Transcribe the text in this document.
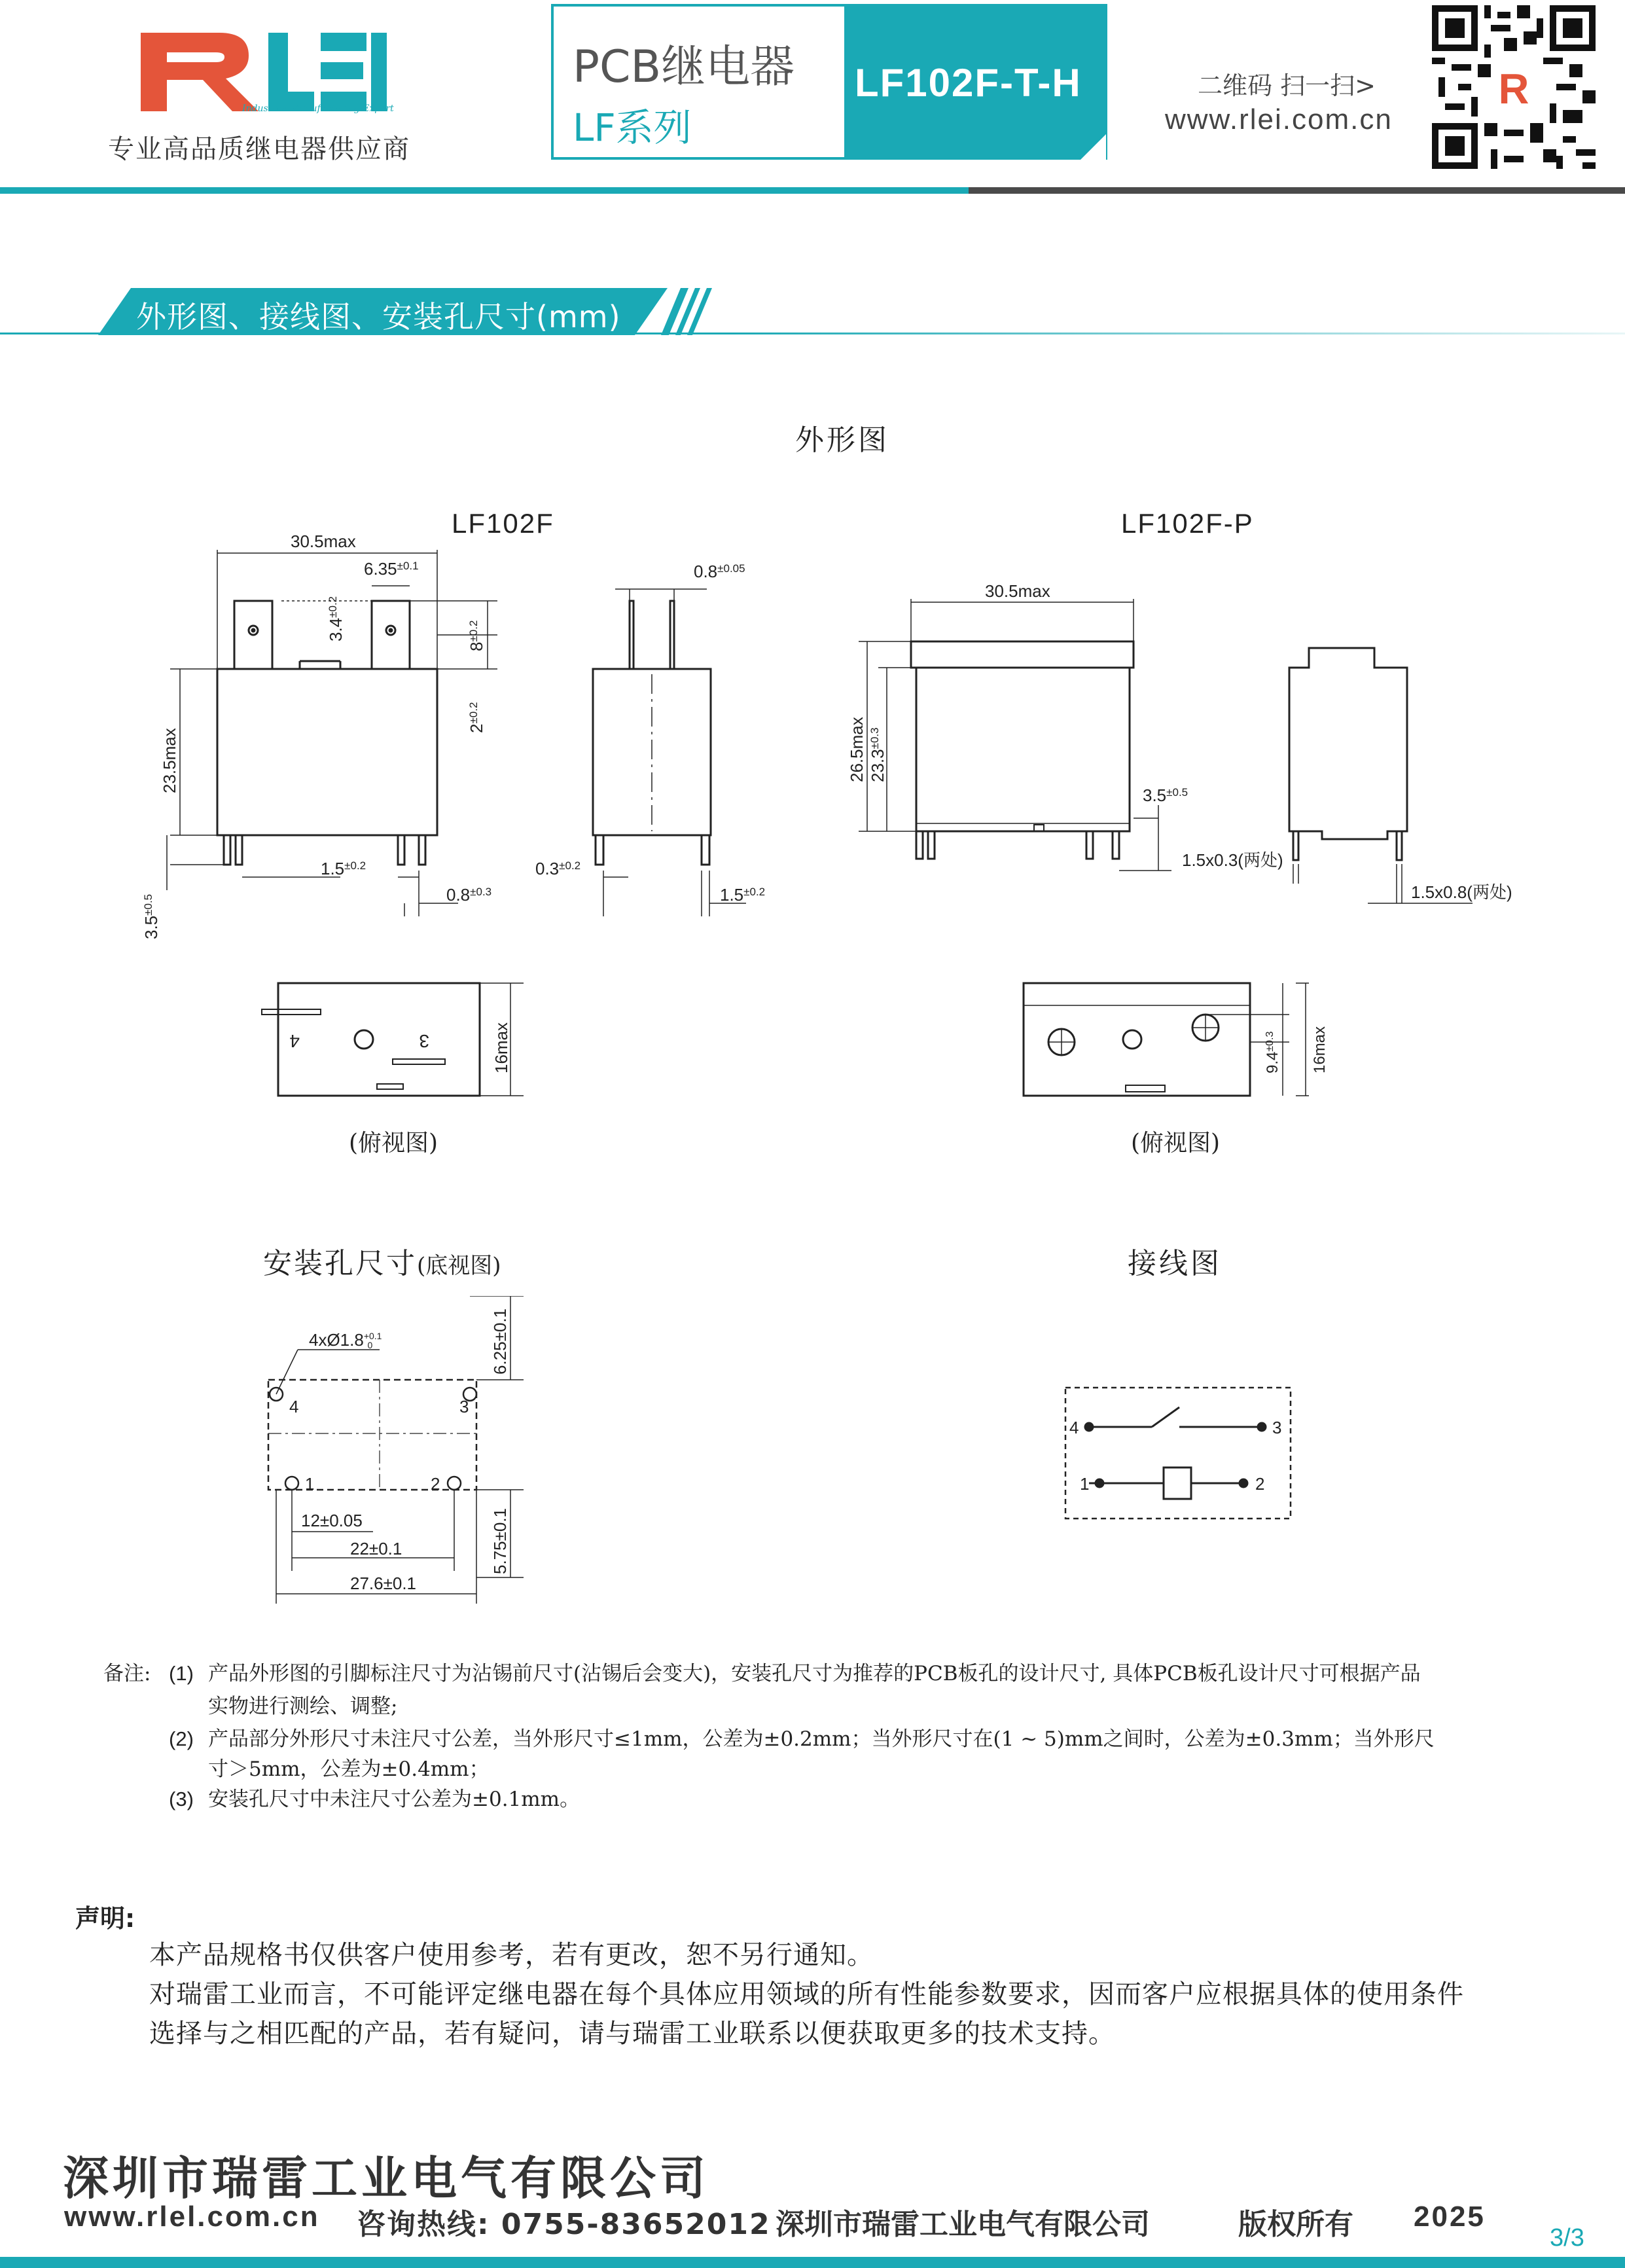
Industrial Manufacturing Expert
专业高品质继电器供应商
PCB继电器
LF系列
LF102F-T-H	二维码 扫一扫>
www.rlei.com.cn
R
外形图、接线图、安装孔尺寸(mm)
外形图
LF102F	LF102F-P
30.5max
$6.35^{\pm 0.1}$
$3.4^{\pm 0.2}$
$8^{\pm 0.2}$
$2^{\pm 0.2}$
23.5max
$3.5^{\pm 0.5}$
$1.5^{\pm 0.2}$
$0.8^{\pm 0.3}$
$0.8^{\pm 0.05}$
$0.3^{\pm 0.2}$
$1.5^{\pm 0.2}$
30.5max
26.5max $23.3^{\pm 0.3}$
$3.5^{\pm 0.5}$
1.5x0.3(两处)
1.5x0.8(两处)
4	3	16max
(俯视图)
$9.4^{\pm 0.3}$	16max
(俯视图)
安装孔尺寸(底视图)
$4xØ1.8^{+0.1}$ 0
4	3
1	2
12±0.05
22±0.1
27.6±0.1
6.25±0.1
5.75±0.1
接线图
4	3
1	2
备注: (1) 产品外形图的引脚标注尺寸为沾锡前尺寸(沾锡后会变大)，安装孔尺寸为推荐的PCB板孔的设计尺寸, 具体PCB板孔设计尺寸可根据产品
实物进行测绘、调整;
(2) 产品部分外形尺寸未注尺寸公差，当外形尺寸≤1mm，公差为±0.2mm；当外形尺寸在(1 ~ 5)mm之间时，公差为±0.3mm；当外形尺
寸＞5mm，公差为±0.4mm；
(3) 安装孔尺寸中未注尺寸公差为±0.1mm。
声明:
本产品规格书仅供客户使用参考，若有更改，恕不另行通知。
对瑞雷工业而言，不可能评定继电器在每个具体应用领域的所有性能参数要求，因而客户应根据具体的使用条件
选择与之相匹配的产品，若有疑问，请与瑞雷工业联系以便获取更多的技术支持。
深圳市瑞雷工业电气有限公司
www.rlel.com.cn 咨询热线: 0755-83652012 深圳市瑞雷工业电气有限公司	版权所有 2025
3/3
